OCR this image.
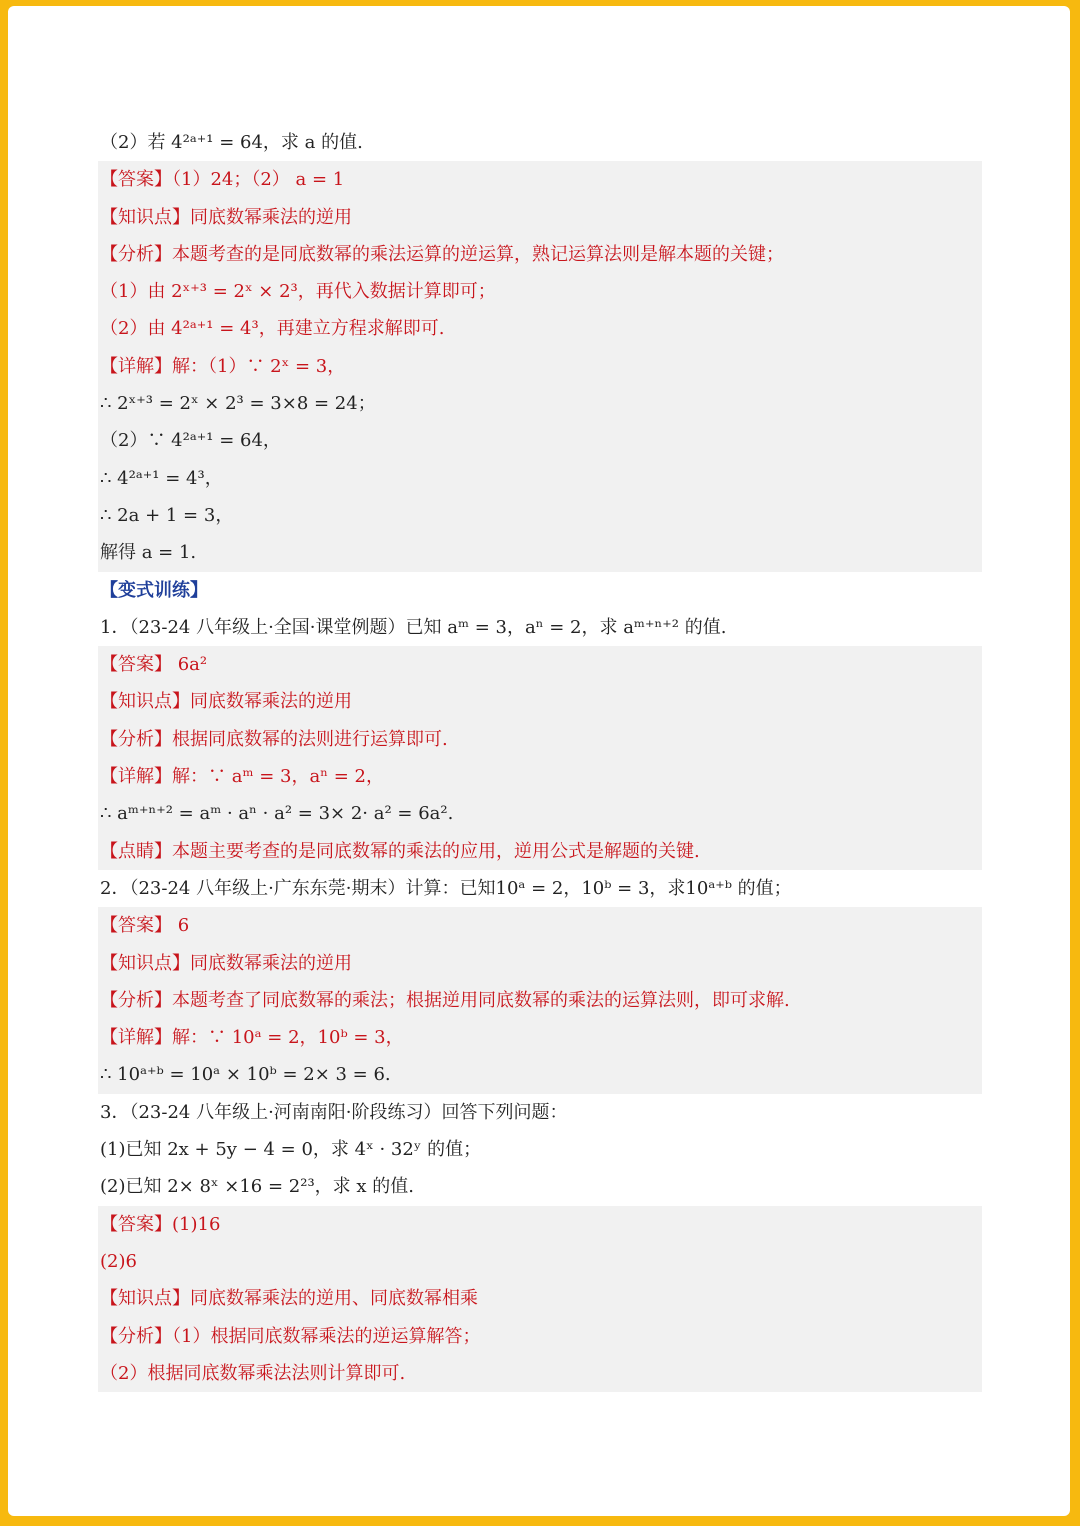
（2）若 4²ᵃ⁺¹ = 64，求 a 的值.
【答案】（1）24；（2） a = 1
【知识点】同底数幂乘法的逆用
【分析】本题考查的是同底数幂的乘法运算的逆运算，熟记运算法则是解本题的关键；
（1）由 2ˣ⁺³ = 2ˣ × 2³，再代入数据计算即可；
（2）由 4²ᵃ⁺¹ = 4³，再建立方程求解即可.
【详解】解：（1）∵ 2ˣ = 3，
∴ 2ˣ⁺³ = 2ˣ × 2³ = 3×8 = 24；
（2）∵ 4²ᵃ⁺¹ = 64，
∴ 4²ᵃ⁺¹ = 4³，
∴ 2a + 1 = 3，
解得 a = 1.
【变式训练】
1．（23-24 八年级上·全国·课堂例题）已知 aᵐ = 3，aⁿ = 2，求 aᵐ⁺ⁿ⁺² 的值.
【答案】 6a²
【知识点】同底数幂乘法的逆用
【分析】根据同底数幂的法则进行运算即可.
【详解】解：∵ aᵐ = 3，aⁿ = 2，
∴ aᵐ⁺ⁿ⁺² = aᵐ · aⁿ · a² = 3× 2· a² = 6a².
【点睛】本题主要考查的是同底数幂的乘法的应用，逆用公式是解题的关键.
2．（23-24 八年级上·广东东莞·期末）计算：已知10ᵃ = 2，10ᵇ = 3，求10ᵃ⁺ᵇ 的值；
【答案】 6
【知识点】同底数幂乘法的逆用
【分析】本题考查了同底数幂的乘法；根据逆用同底数幂的乘法的运算法则，即可求解.
【详解】解：∵ 10ᵃ = 2，10ᵇ = 3，
∴ 10ᵃ⁺ᵇ = 10ᵃ × 10ᵇ = 2× 3 = 6.
3．（23-24 八年级上·河南南阳·阶段练习）回答下列问题：
(1)已知 2x + 5y − 4 = 0，求 4ˣ · 32ʸ 的值；
(2)已知 2× 8ˣ ×16 = 2²³，求 x 的值.
【答案】(1)16
(2)6
【知识点】同底数幂乘法的逆用、同底数幂相乘
【分析】（1）根据同底数幂乘法的逆运算解答；
（2）根据同底数幂乘法法则计算即可.
